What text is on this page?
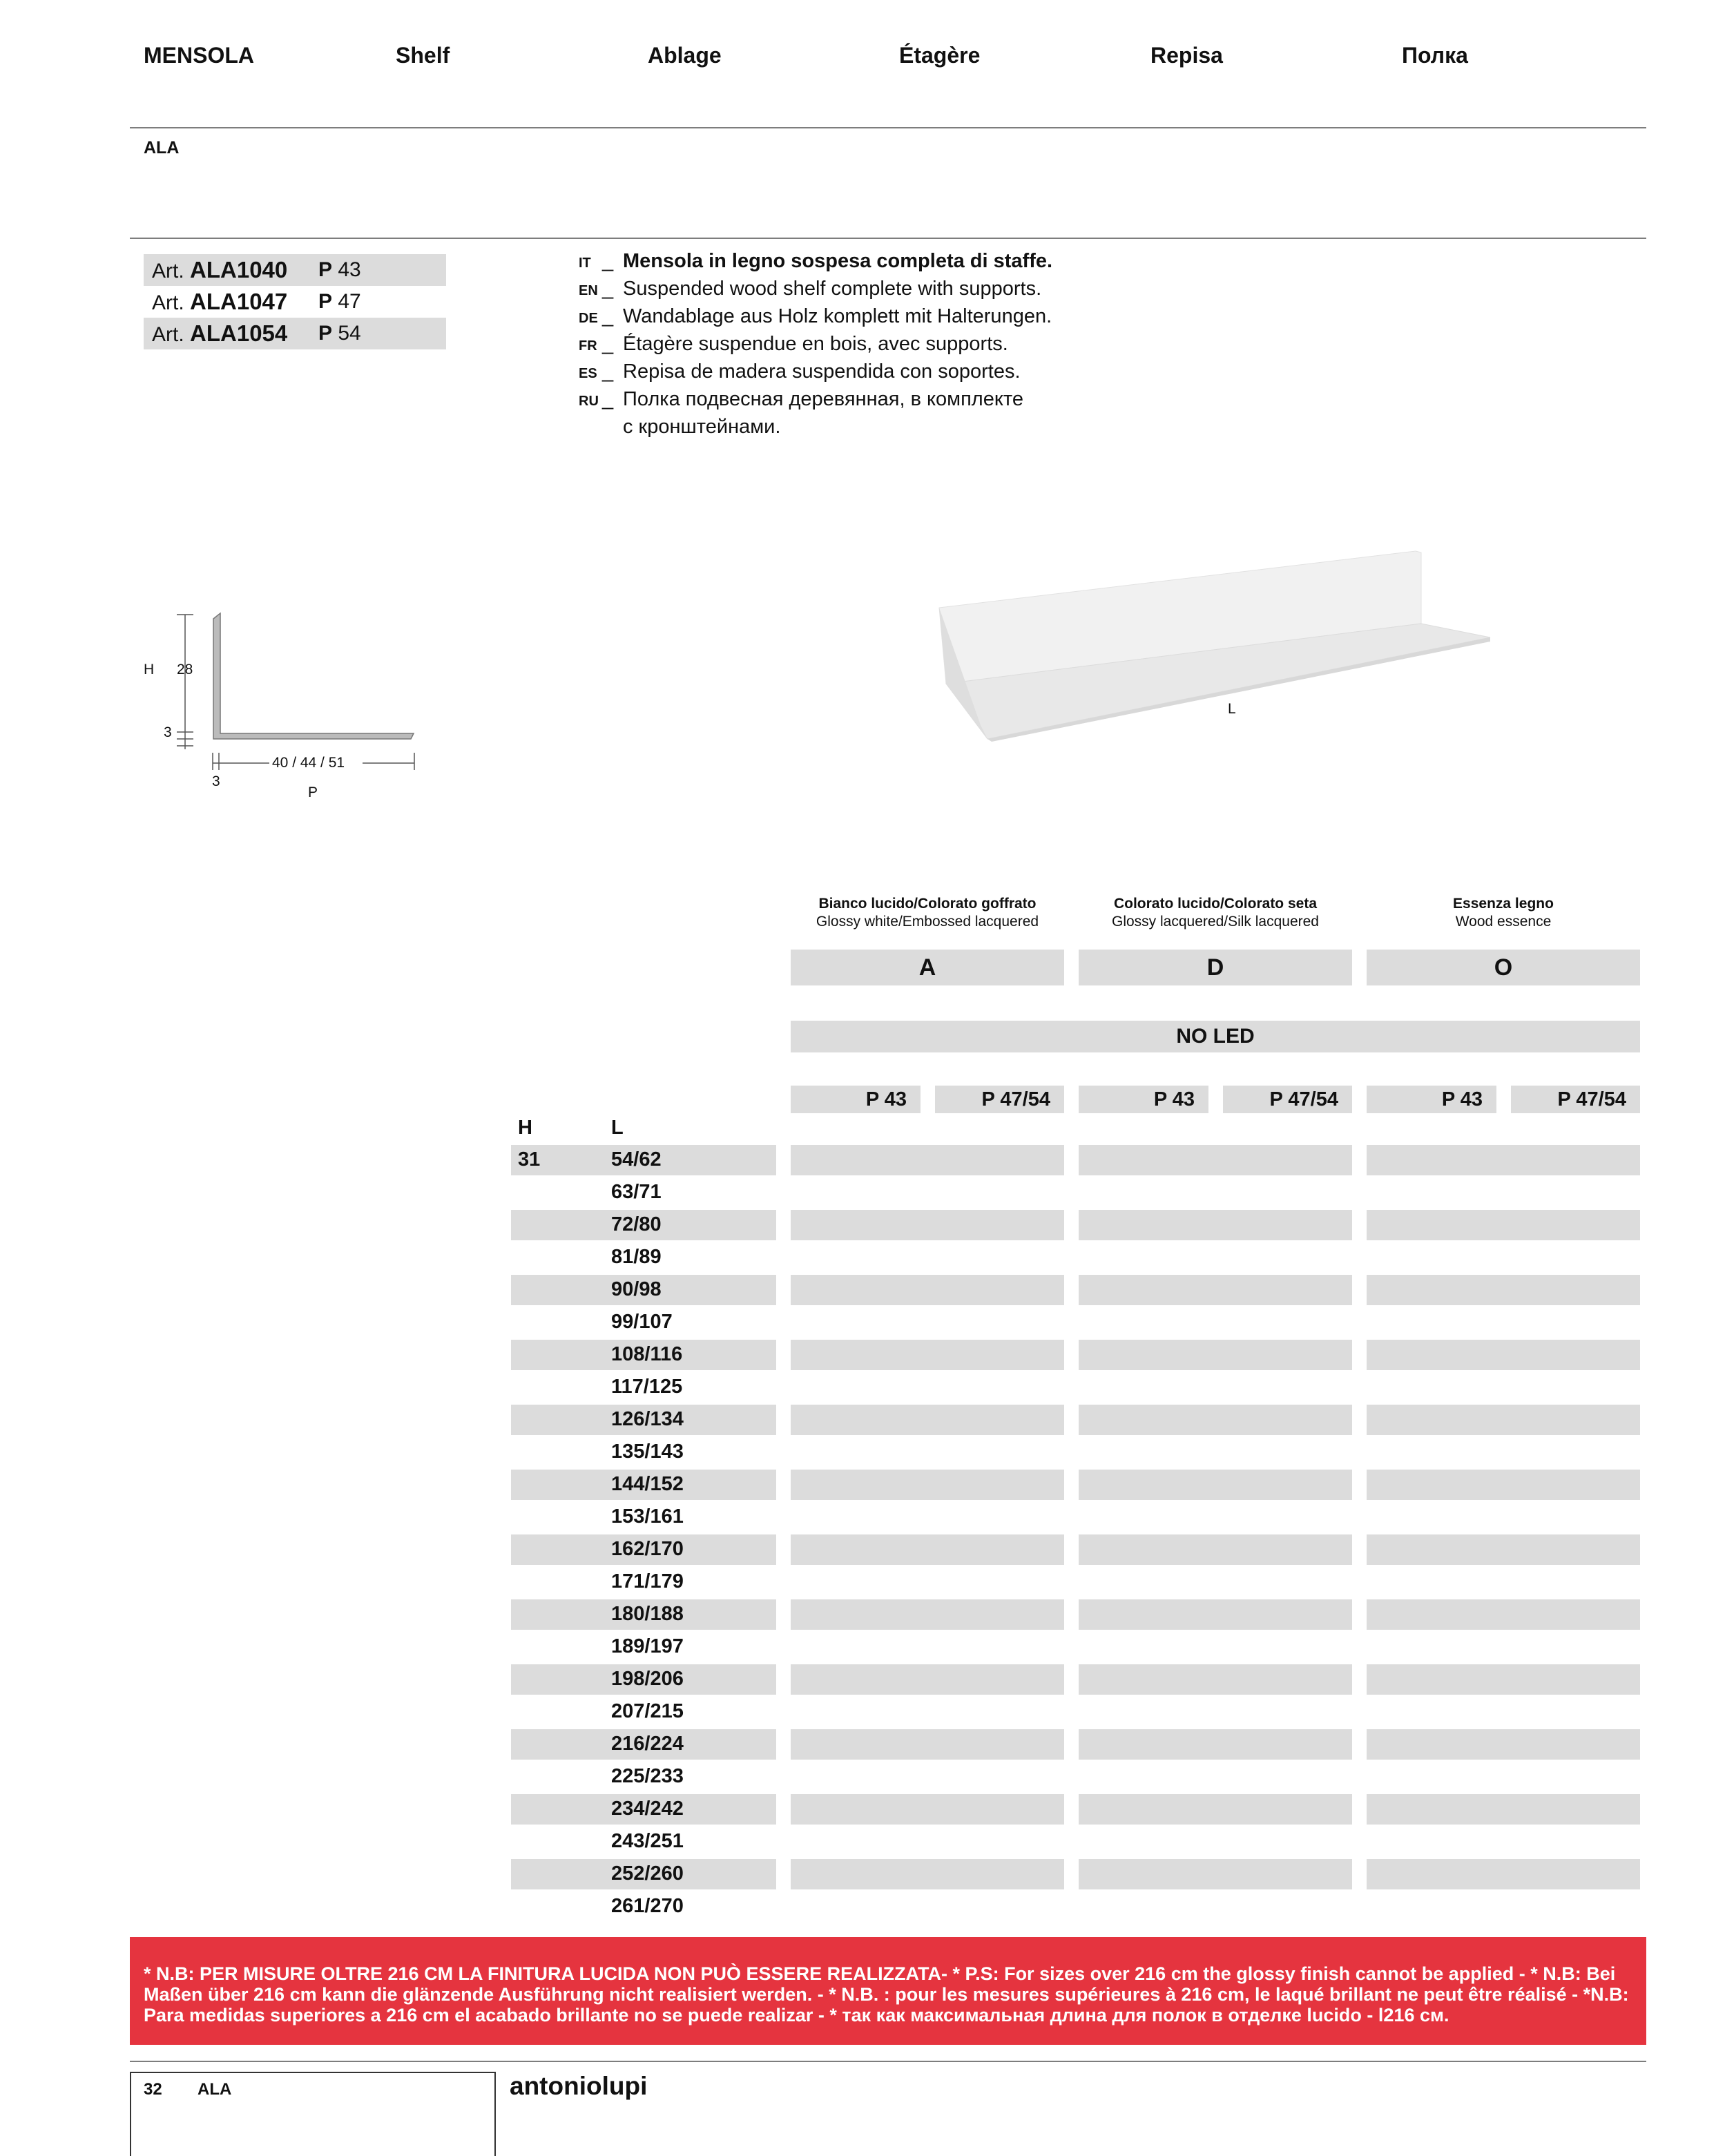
MENSOLA	Shelf	Ablage	Étagère	Repisa	Полка
ALA
Art. ALA1040 P 43
Art. ALA1047 P 47
Art. ALA1054 P 54
IT _ Mensola in legno sospesa completa di staffe.
EN _ Suspended wood shelf complete with supports.
DE _ Wandablage aus Holz komplett mit Halterungen.
FR _ Étagère suspendue en bois, avec supports.
ES _ Repisa de madera suspendida con soportes.
RU _ Полка подвесная деревянная, в комплекте
с кронштейнами.
H 28
3
40 / 44 / 51
3
P
L
Bianco lucido/Colorato goffrato
Glossy white/Embossed lacquered
Colorato lucido/Colorato seta
Glossy lacquered/Silk lacquered
Essenza legno
Wood essence
A	D	O
NO LED
P 43	P 47/54	P 43	P 47/54	P 43	P 47/54
H	L
31	54/62
63/71
72/80
81/89
90/98
99/107
108/116
117/125
126/134
135/143
144/152
153/161
162/170
171/179
180/188
189/197
198/206
207/215
216/224
225/233
234/242
243/251
252/260
261/270
* N.B: PER MISURE OLTRE 216 CM LA FINITURA LUCIDA NON PUÒ ESSERE REALIZZATA- * P.S: For sizes over 216 cm the glossy finish cannot be applied - * N.B: Bei Maßen über 216 cm kann die glänzende Ausführung nicht realisiert werden. - * N.B. : pour les mesures supérieures à 216 cm, le laqué brillant ne peut être réalisé - *N.B: Para medidas superiores a 216 cm el acabado brillante no se puede realizar - * так как максимальная длина для полок в отделке lucido - l216 см.
32 ALA	antoniolupi
